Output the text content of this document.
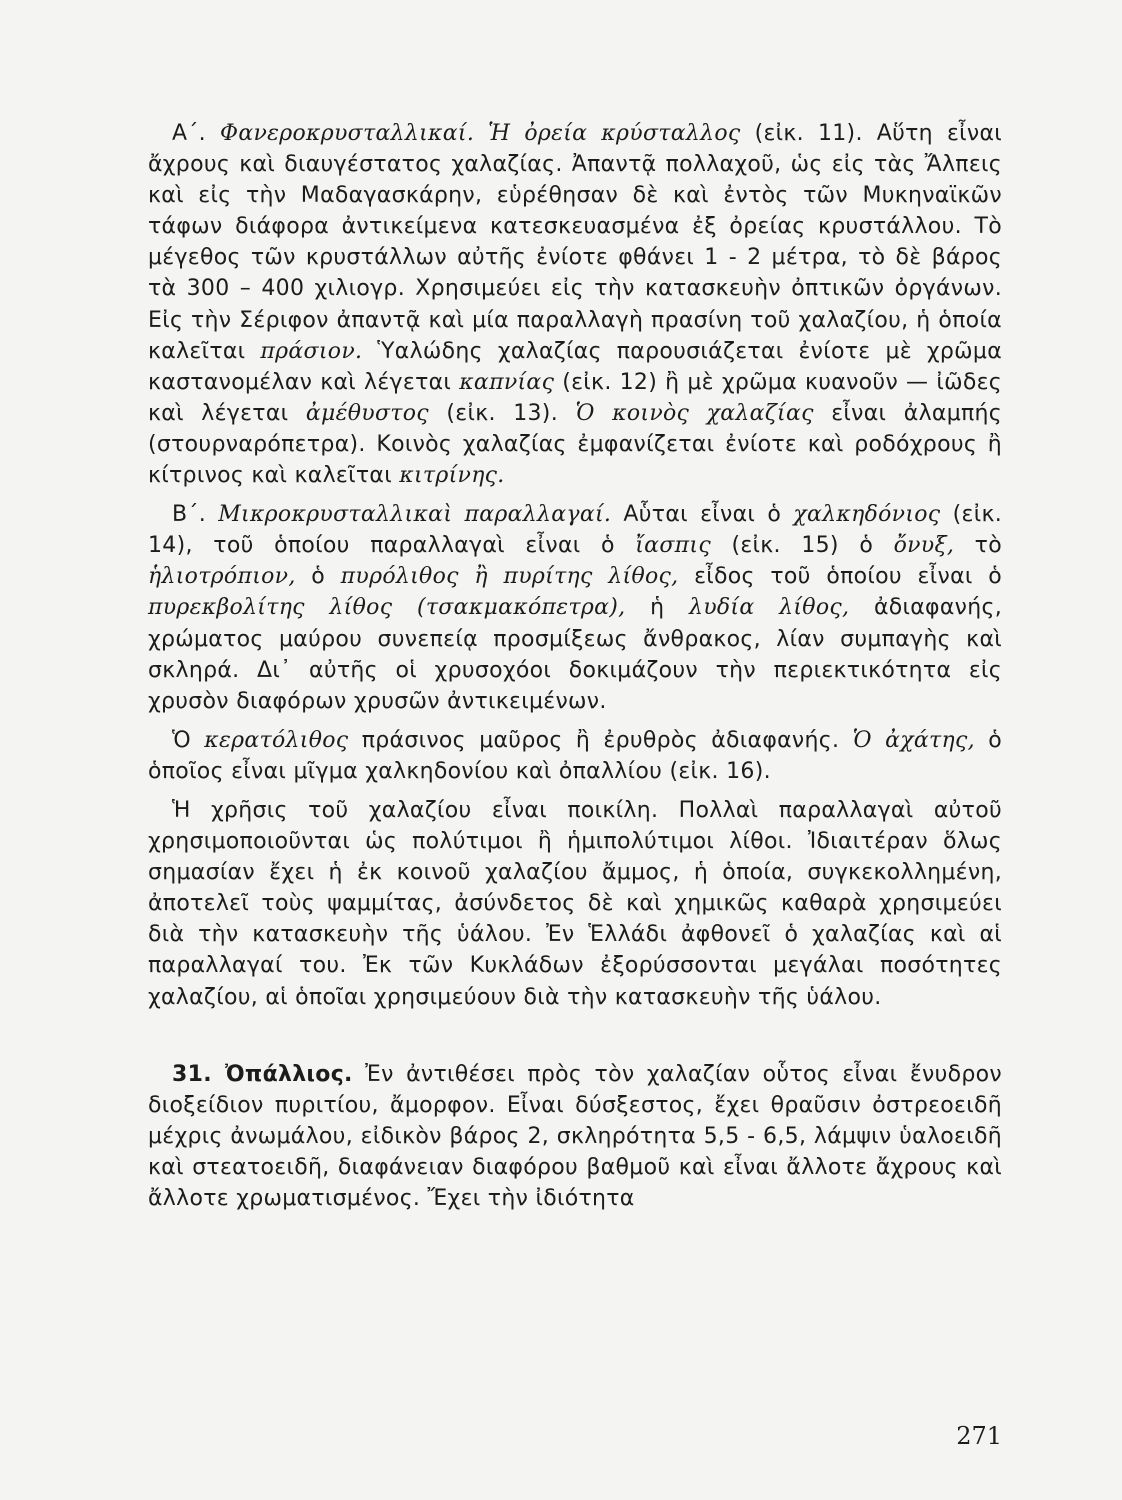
Α΄. Φανεροκρυσταλλικαί. Ἡ ὀρεία κρύσταλλος (εἰκ. 11). Αὕτη εἶναι ἄχρους καὶ διαυγέστατος χαλαζίας. Ἀπαντᾷ πολλαχοῦ, ὡς εἰς τὰς Ἄλπεις καὶ εἰς τὴν Μαδαγασκάρην, εὑρέθησαν δὲ καὶ ἐντὸς τῶν Μυκηναϊκῶν τάφων διάφορα ἀντικείμενα κατεσκευασμένα ἐξ ὀρείας κρυστάλλου. Τὸ μέγεθος τῶν κρυστάλλων αὐτῆς ἐνίοτε φθάνει 1 - 2 μέτρα, τὸ δὲ βάρος τὰ 300 – 400 χιλιογρ. Χρησιμεύει εἰς τὴν κατασκευὴν ὀπτικῶν ὀργάνων. Εἰς τὴν Σέριφον ἀπαντᾷ καὶ μία παραλλαγὴ πρασίνη τοῦ χαλαζίου, ἡ ὁποία καλεῖται πράσιον. Ὑαλώδης χαλαζίας παρουσιάζεται ἐνίοτε μὲ χρῶμα καστανομέλαν καὶ λέγεται καπνίας (εἰκ. 12) ἢ μὲ χρῶμα κυανοῦν — ἰῶδες καὶ λέγεται ἀμέθυστος (εἰκ. 13). Ὁ κοινὸς χαλαζίας εἶναι ἀλαμπής (στουρναρόπετρα). Κοινὸς χαλαζίας ἐμφανίζεται ἐνίοτε καὶ ροδόχρους ἢ κίτρινος καὶ καλεῖται κιτρίνης.

Β΄. Μικροκρυσταλλικαὶ παραλλαγαί. Αὗται εἶναι ὁ χαλκηδόνιος (εἰκ. 14), τοῦ ὁποίου παραλλαγαὶ εἶναι ὁ ἴασπις (εἰκ. 15) ὁ ὄνυξ, τὸ ἡλιοτρόπιον, ὁ πυρόλιθος ἢ πυρίτης λίθος, εἶδος τοῦ ὁποίου εἶναι ὁ πυρεκβολίτης λίθος (τσακμακόπετρα), ἡ λυδία λίθος, ἀδιαφανής, χρώματος μαύρου συνεπείᾳ προσμίξεως ἄνθρακος, λίαν συμπαγὴς καὶ σκληρά. Δι᾽ αὐτῆς οἱ χρυσοχόοι δοκιμάζουν τὴν περιεκτικότητα εἰς χρυσὸν διαφόρων χρυσῶν ἀντικειμένων.

Ὁ κερατόλιθος πράσινος μαῦρος ἢ ἐρυθρὸς ἀδιαφανής. Ὁ ἀχάτης, ὁ ὁποῖος εἶναι μῖγμα χαλκηδονίου καὶ ὀπαλλίου (εἰκ. 16).

Ἡ χρῆσις τοῦ χαλαζίου εἶναι ποικίλη. Πολλαὶ παραλλαγαὶ αὐτοῦ χρησιμοποιοῦνται ὡς πολύτιμοι ἢ ἡμιπολύτιμοι λίθοι. Ἰδιαιτέραν ὅλως σημασίαν ἔχει ἡ ἐκ κοινοῦ χαλαζίου ἄμμος, ἡ ὁποία, συγκεκολλημένη, ἀποτελεῖ τοὺς ψαμμίτας, ἀσύνδετος δὲ καὶ χημικῶς καθαρὰ χρησιμεύει διὰ τὴν κατασκευὴν τῆς ὑάλου. Ἐν Ἑλλάδι ἀφθονεῖ ὁ χαλαζίας καὶ αἱ παραλλαγαί του. Ἐκ τῶν Κυκλάδων ἐξορύσσονται μεγάλαι ποσότητες χαλαζίου, αἱ ὁποῖαι χρησιμεύουν διὰ τὴν κατασκευὴν τῆς ὑάλου.

31. Ὀπάλλιος. Ἐν ἀντιθέσει πρὸς τὸν χαλαζίαν οὗτος εἶναι ἔνυδρον διοξείδιον πυριτίου, ἄμορφον. Εἶναι δύσξεστος, ἔχει θραῦσιν ὀστρεοειδῆ μέχρις ἀνωμάλου, εἰδικὸν βάρος 2, σκληρότητα 5,5 - 6,5, λάμψιν ὑαλοειδῆ καὶ στεατοειδῆ, διαφάνειαν διαφόρου βαθμοῦ καὶ εἶναι ἄλλοτε ἄχρους καὶ ἄλλοτε χρωματισμένος. Ἔχει τὴν ἰδιότητα

271
